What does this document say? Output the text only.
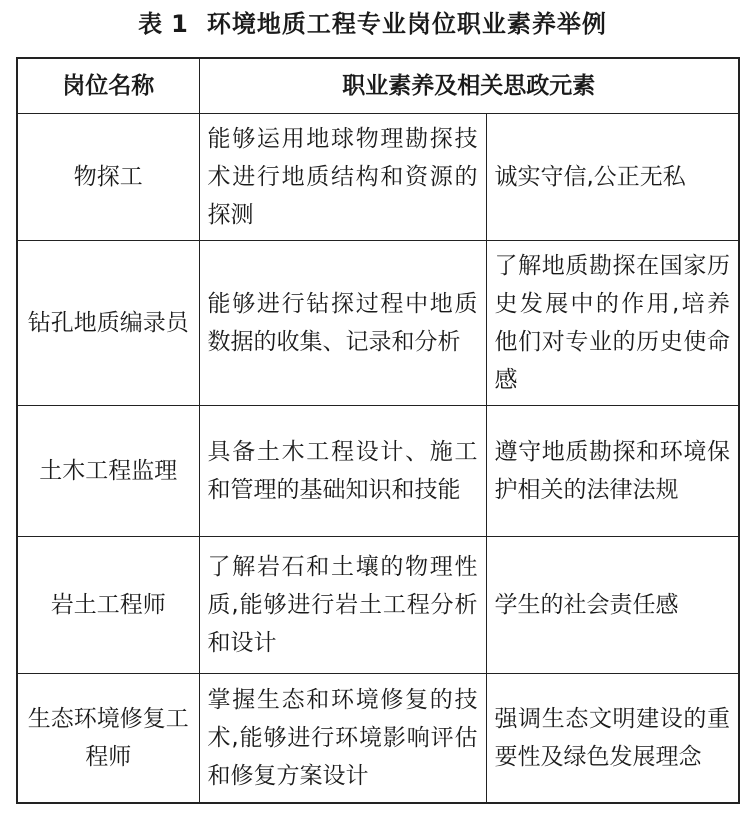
表 1 环境地质工程专业岗位职业素养举例
岗位名称	职业素养及相关思政元素	
物探工	能够运用地球物理勘探技术进行地质结构和资源的探测	诚实守信,公正无私
钻孔地质编录员	能够进行钻探过程中地质数据的收集、记录和分析	了解地质勘探在国家历史发展中的作用,培养他们对专业的历史使命感
土木工程监理	具备土木工程设计、施工和管理的基础知识和技能	遵守地质勘探和环境保护相关的法律法规
岩土工程师	了解岩石和土壤的物理性质,能够进行岩土工程分析和设计	学生的社会责任感
生态环境修复工程师	掌握生态和环境修复的技术,能够进行环境影响评估和修复方案设计	强调生态文明建设的重要性及绿色发展理念
